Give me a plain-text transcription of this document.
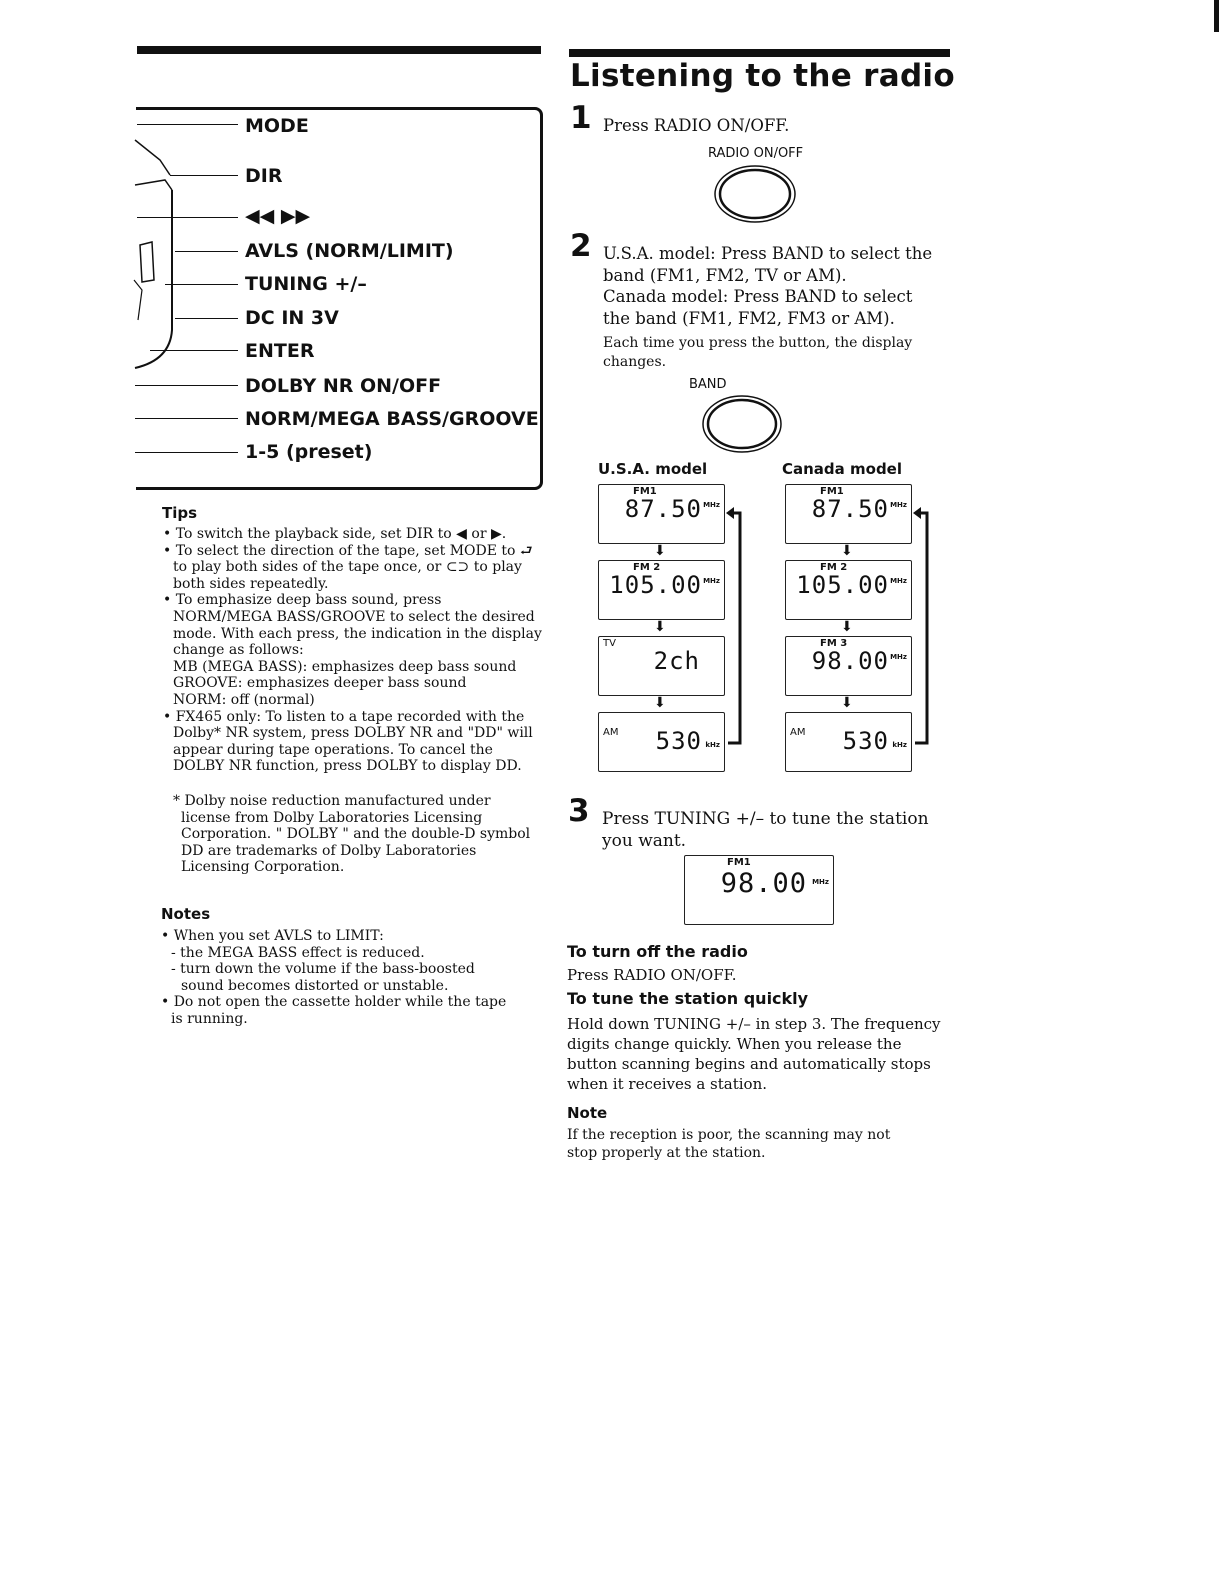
MODE
DIR
◀◀ ▶▶
AVLS (NORM/LIMIT)
TUNING +/–
DC IN 3V
ENTER
DOLBY NR ON/OFF
NORM/MEGA BASS/GROOVE
1-5 (preset)
Tips
• To switch the playback side, set DIR to ◀ or ▶.
• To select the direction of the tape, set MODE to ⮐ to play both sides of the tape once, or ⊂⊃ to play both sides repeatedly.
• To emphasize deep bass sound, press NORM/MEGA BASS/GROOVE to select the desired mode. With each press, the indication in the display change as follows:
MB (MEGA BASS): emphasizes deep bass sound
GROOVE: emphasizes deeper bass sound
NORM: off (normal)
• FX465 only: To listen to a tape recorded with the Dolby* NR system, press DOLBY NR and "DD" will appear during tape operations. To cancel the DOLBY NR function, press DOLBY to display DD.
* Dolby noise reduction manufactured under license from Dolby Laboratories Licensing Corporation. " DOLBY " and the double-D symbol DD are trademarks of Dolby Laboratories Licensing Corporation.
Notes
• When you set AVLS to LIMIT:
- the MEGA BASS effect is reduced.
- turn down the volume if the bass-boosted sound becomes distorted or unstable.
• Do not open the cassette holder while the tape is running.
Listening to the radio
1 Press RADIO ON/OFF.
RADIO ON/OFF
2 U.S.A. model: Press BAND to select the band (FM1, FM2, TV or AM).
Canada model: Press BAND to select the band (FM1, FM2, FM3 or AM).
Each time you press the button, the display changes.
BAND
U.S.A. model	Canada model
FM1
87.50 MHz
⬇
FM 2
105.00 MHz
⬇
TV
2ch
⬇
AM 530 kHz
FM1
87.50 MHz
⬇
FM 2
105.00 MHz
⬇
FM 3
98.00 MHz
⬇
AM 530 kHz
3 Press TUNING +/– to tune the station you want.
FM1
98.00 MHz
To turn off the radio
Press RADIO ON/OFF.
To tune the station quickly
Hold down TUNING +/– in step 3. The frequency digits change quickly. When you release the button scanning begins and automatically stops when it receives a station.
Note
If the reception is poor, the scanning may not stop properly at the station.
